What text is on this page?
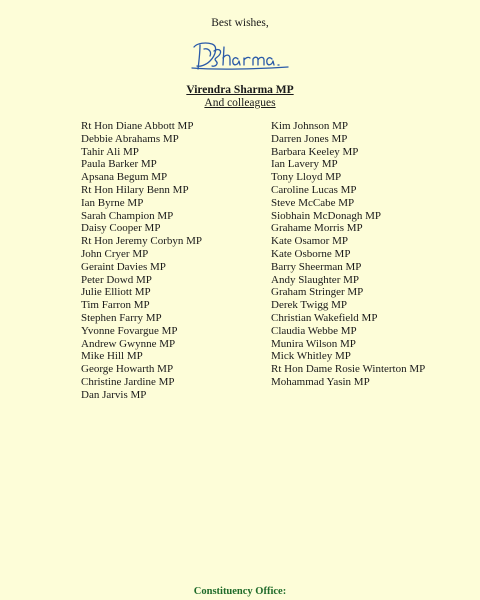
Best wishes,
Virendra Sharma MP
And colleagues
Rt Hon Diane Abbott MP
Debbie Abrahams MP
Tahir Ali MP
Paula Barker MP
Apsana Begum MP
Rt Hon Hilary Benn MP
Ian Byrne MP
Sarah Champion MP
Daisy Cooper MP
Rt Hon Jeremy Corbyn MP
John Cryer MP
Geraint Davies MP
Peter Dowd MP
Julie Elliott MP
Tim Farron MP
Stephen Farry MP
Yvonne Fovargue MP
Andrew Gwynne MP
Mike Hill MP
George Howarth MP
Christine Jardine MP
Dan Jarvis MP
Kim Johnson MP
Darren Jones MP
Barbara Keeley MP
Ian Lavery MP
Tony Lloyd MP
Caroline Lucas MP
Steve McCabe MP
Siobhain McDonagh MP
Grahame Morris MP
Kate Osamor MP
Kate Osborne MP
Barry Sheerman MP
Andy Slaughter MP
Graham Stringer MP
Derek Twigg MP
Christian Wakefield MP
Claudia Webbe MP
Munira Wilson MP
Mick Whitley MP
Rt Hon Dame Rosie Winterton MP
Mohammad Yasin MP
Constituency Office:
